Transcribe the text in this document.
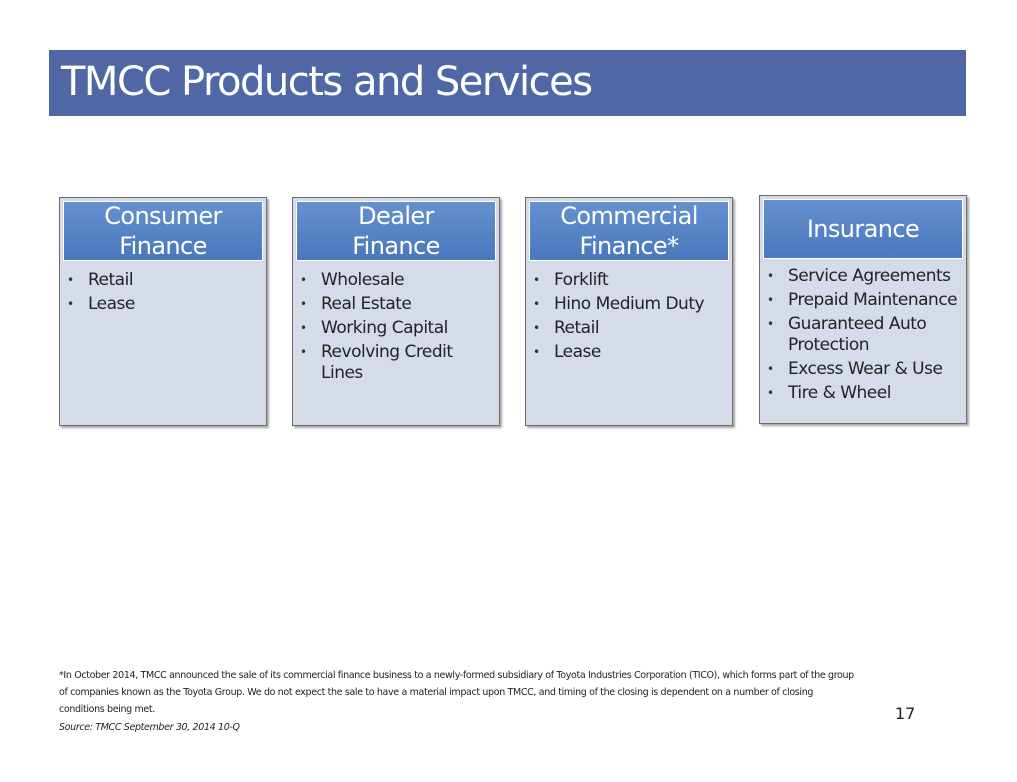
TMCC Products and Services
Consumer Finance
• Retail
• Lease
Dealer Finance
• Wholesale
• Real Estate
• Working Capital
• Revolving Credit Lines
Commercial Finance*
• Forklift
• Hino Medium Duty
• Retail
• Lease
Insurance
• Service Agreements
• Prepaid Maintenance
• Guaranteed Auto Protection
• Excess Wear & Use
• Tire & Wheel
*In October 2014, TMCC announced the sale of its commercial finance business to a newly-formed subsidiary of Toyota Industries Corporation (TICO), which forms part of the group of companies known as the Toyota Group. We do not expect the sale to have a material impact upon TMCC, and timing of the closing is dependent on a number of closing conditions being met.
Source: TMCC September 30, 2014 10-Q
17
